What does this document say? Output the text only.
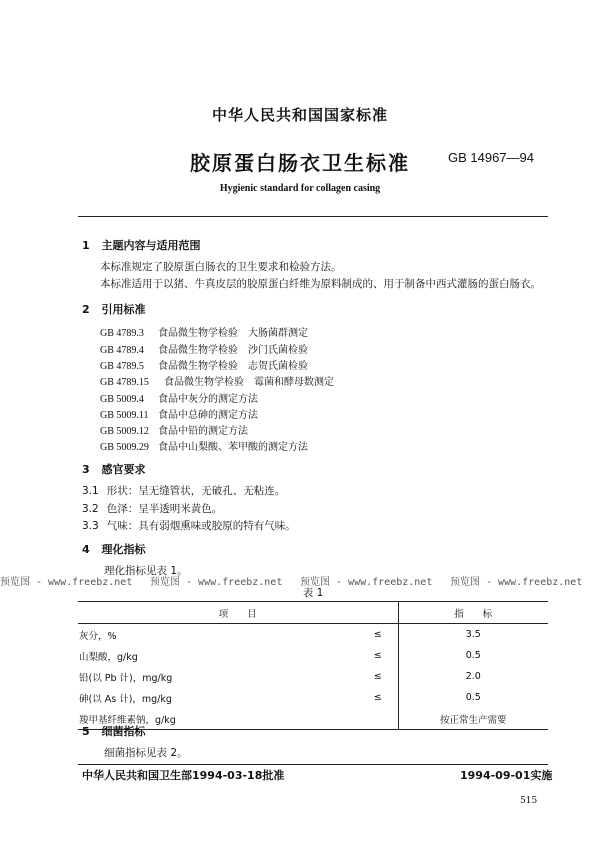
中华人民共和国国家标准
胶原蛋白肠衣卫生标准	GB 14967—94
Hygienic standard for collagen casing
1 主题内容与适用范围
本标准规定了胶原蛋白肠衣的卫生要求和检验方法。
本标准适用于以猪、牛真皮层的胶原蛋白纤维为原料制成的、用于制备中西式灌肠的蛋白肠衣。
2 引用标准
GB 4789.3 食品微生物学检验　大肠菌群测定
GB 4789.4 食品微生物学检验　沙门氏菌检验
GB 4789.5 食品微生物学检验　志贺氏菌检验
GB 4789.15 食品微生物学检验　霉菌和酵母数测定
GB 5009.4 食品中灰分的测定方法
GB 5009.11 食品中总砷的测定方法
GB 5009.12 食品中铅的测定方法
GB 5009.29 食品中山梨酸、苯甲酸的测定方法
3 感官要求
3.1 形状：呈无缝管状，无破孔、无粘连。
3.2 色泽：呈半透明米黄色。
3.3 气味：具有弱烟熏味或胶原的特有气味。
4 理化指标
理化指标见表 1。
预览图 - www.freebz.net 预览图 - www.freebz.net 预览图 - www.freebz.net 预览图 - www.freebz.net
表 1
项　　目			指　　标
灰分，%		≤	3.5
山梨酸，g/kg		≤	0.5
铅(以 Pb 计)，mg/kg		≤	2.0
砷(以 As 计)，mg/kg		≤	0.5
羧甲基纤维素钠，g/kg			按正常生产需要
5 细菌指标
细菌指标见表 2。
中华人民共和国卫生部1994-03-18批准	1994-09-01实施
515
